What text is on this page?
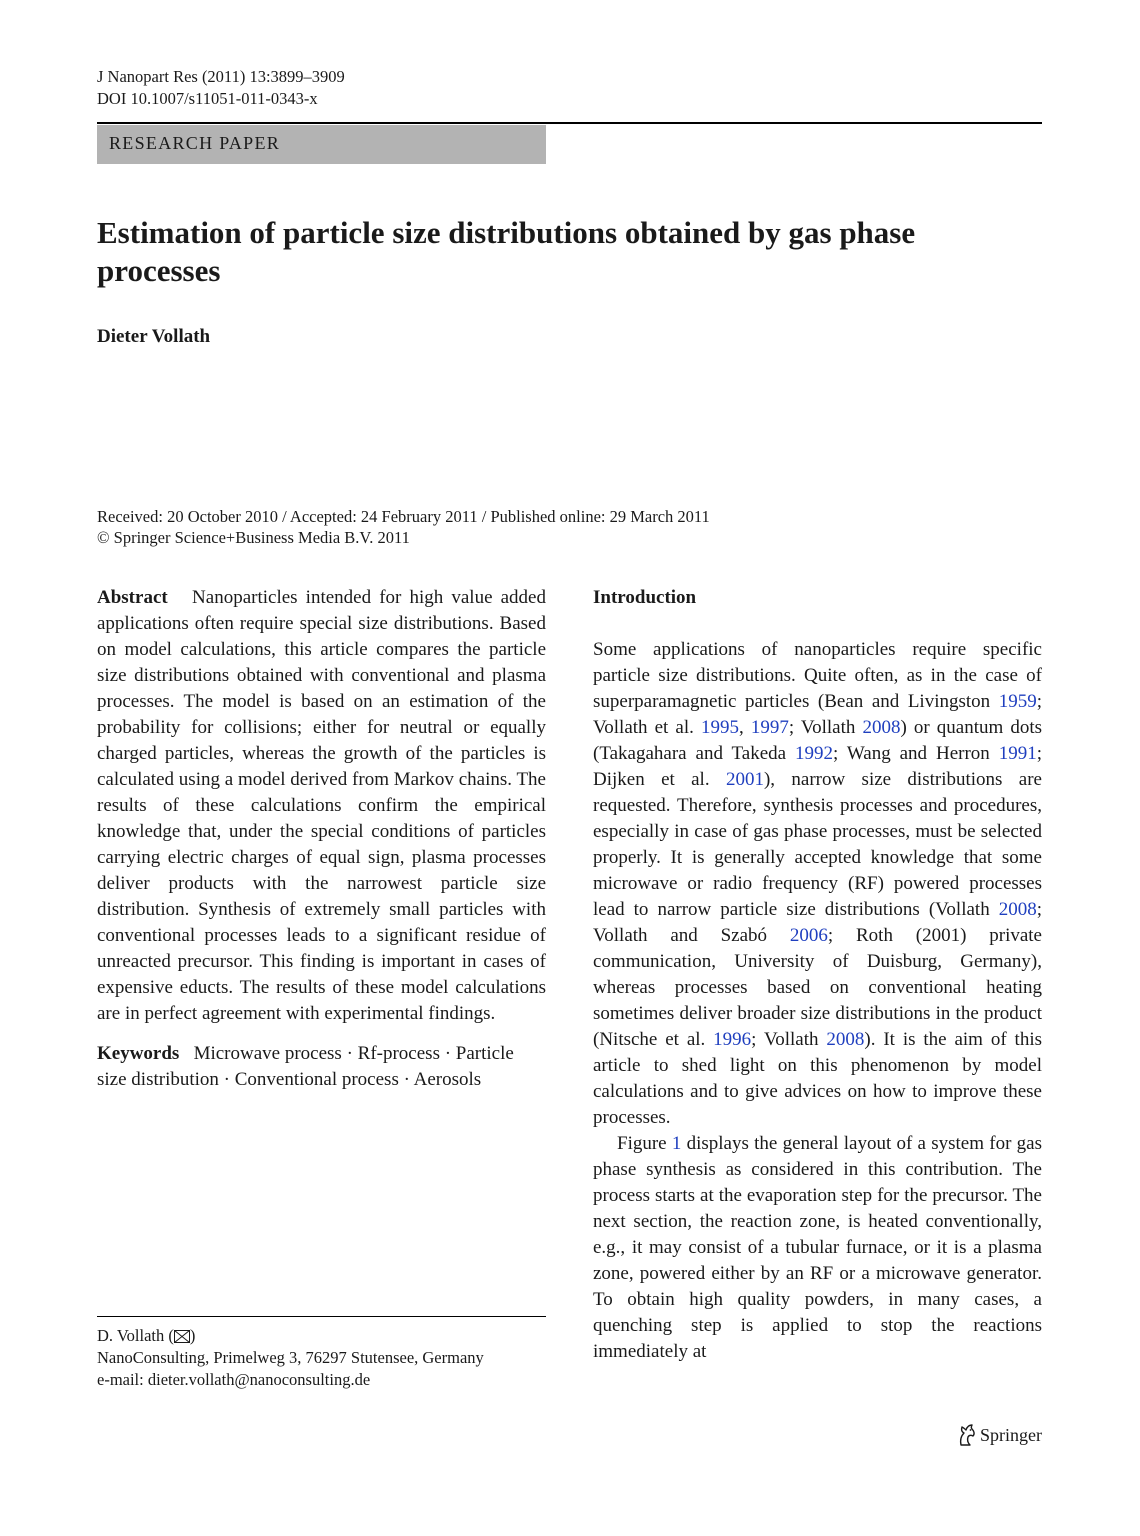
J Nanopart Res (2011) 13:3899–3909
DOI 10.1007/s11051-011-0343-x
RESEARCH PAPER
Estimation of particle size distributions obtained by gas phase processes
Dieter Vollath
Received: 20 October 2010 / Accepted: 24 February 2011 / Published online: 29 March 2011
© Springer Science+Business Media B.V. 2011

Abstract Nanoparticles intended for high value added applications often require special size distributions. Based on model calculations, this article compares the particle size distributions obtained with conventional and plasma processes. The model is based on an estimation of the probability for collisions; either for neutral or equally charged particles, whereas the growth of the particles is calculated using a model derived from Markov chains. The results of these calculations confirm the empirical knowledge that, under the special conditions of particles carrying electric charges of equal sign, plasma processes deliver products with the narrowest particle size distribution. Synthesis of extremely small particles with conventional processes leads to a significant residue of unreacted precursor. This finding is important in cases of expensive educts. The results of these model calculations are in perfect agreement with experimental findings.

Keywords Microwave process · Rf-process · Particle size distribution · Conventional process · Aerosols

D. Vollath ( )
NanoConsulting, Primelweg 3, 76297 Stutensee, Germany
e-mail: dieter.vollath@nanoconsulting.de

Introduction

Some applications of nanoparticles require specific particle size distributions. Quite often, as in the case of superparamagnetic particles (Bean and Livingston 1959; Vollath et al. 1995, 1997; Vollath 2008) or quantum dots (Takagahara and Takeda 1992; Wang and Herron 1991; Dijken et al. 2001), narrow size distributions are requested. Therefore, synthesis processes and procedures, especially in case of gas phase processes, must be selected properly. It is generally accepted knowledge that some microwave or radio frequency (RF) powered processes lead to narrow particle size distributions (Vollath 2008; Vollath and Szabó 2006; Roth (2001) private communication, University of Duisburg, Germany), whereas processes based on conventional heating sometimes deliver broader size distributions in the product (Nitsche et al. 1996; Vollath 2008). It is the aim of this article to shed light on this phenomenon by model calculations and to give advices on how to improve these processes.

Figure 1 displays the general layout of a system for gas phase synthesis as considered in this contribution. The process starts at the evaporation step for the precursor. The next section, the reaction zone, is heated conventionally, e.g., it may consist of a tubular furnace, or it is a plasma zone, powered either by an RF or a microwave generator. To obtain high quality powders, in many cases, a quenching step is applied to stop the reactions immediately at

Springer
